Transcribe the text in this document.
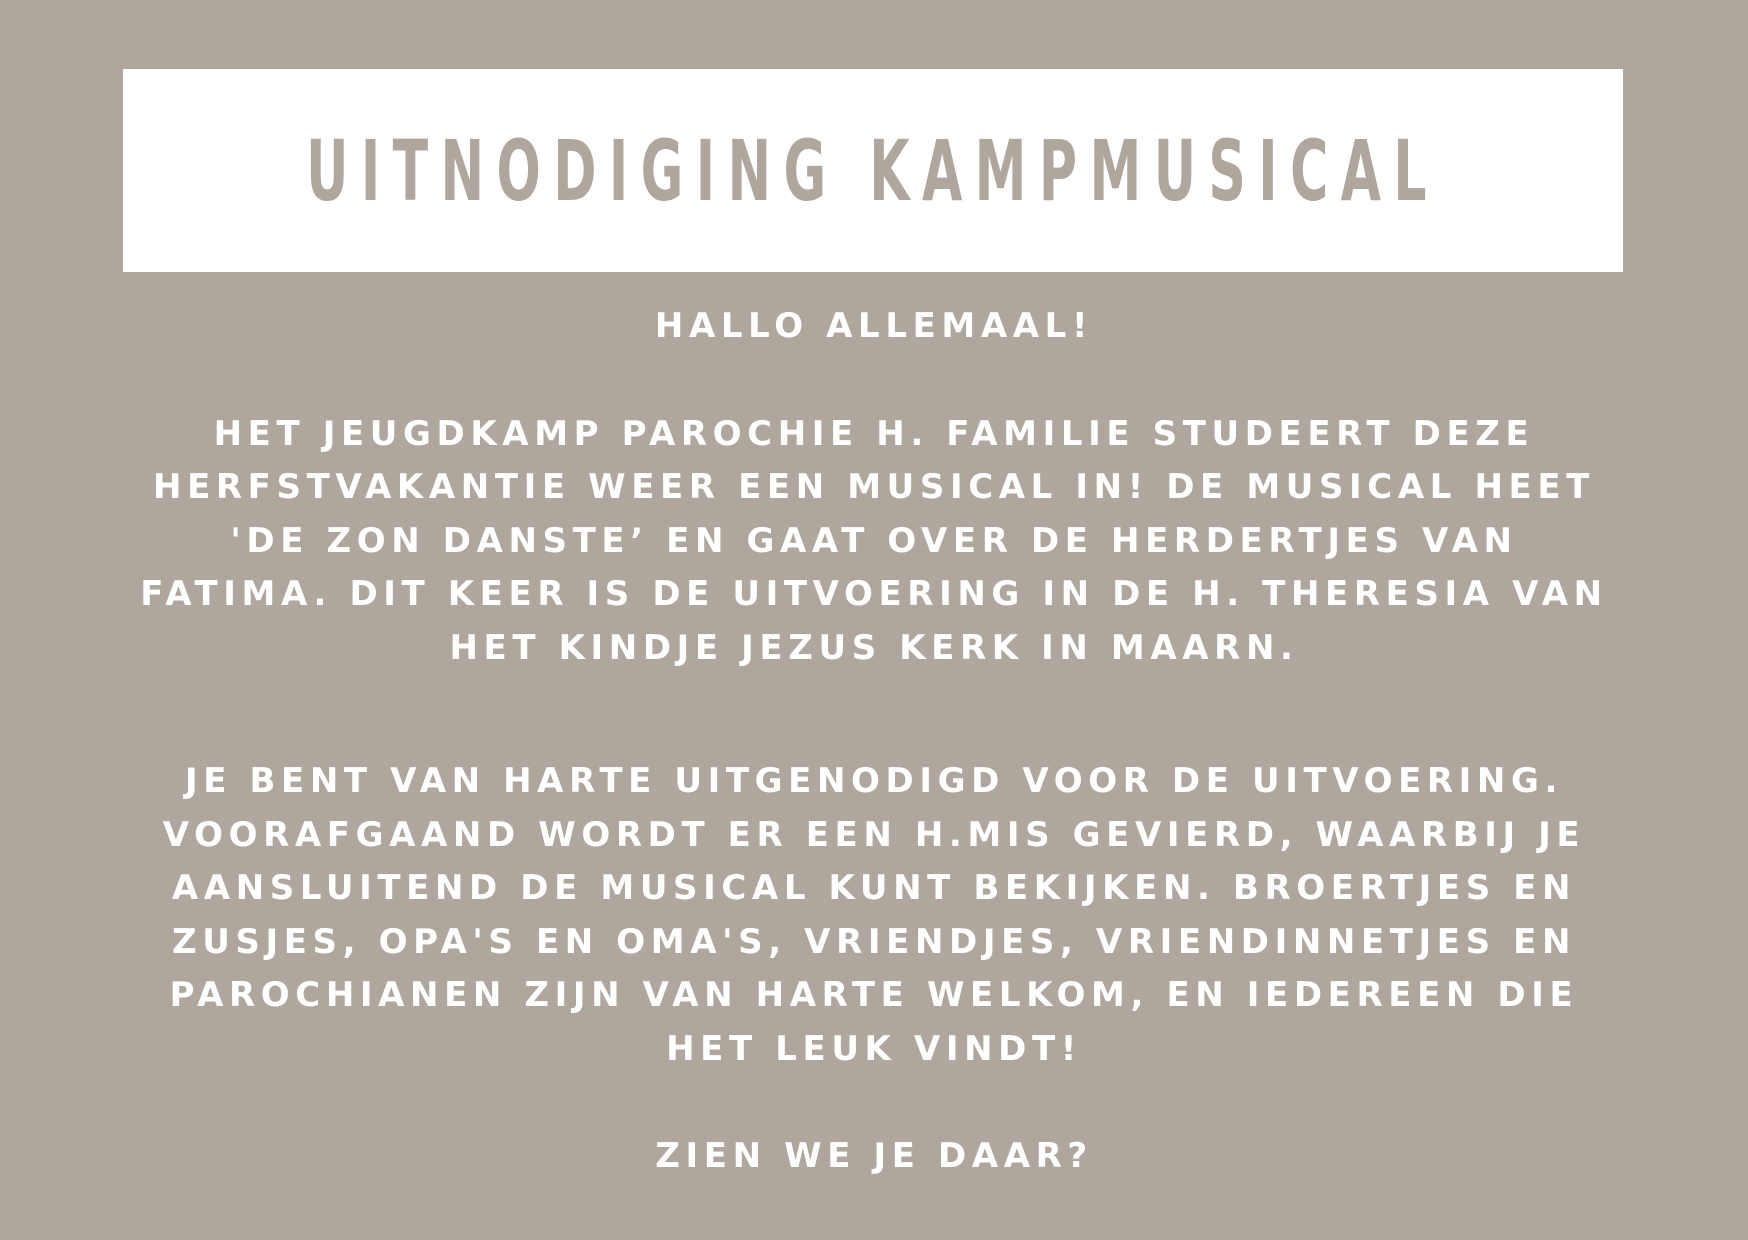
UITNODIGING KAMPMUSICAL

HALLO ALLEMAAL!

HET JEUGDKAMP PAROCHIE H. FAMILIE STUDEERT DEZE HERFSTVAKANTIE WEER EEN MUSICAL IN! DE MUSICAL HEET 'DE ZON DANSTE’ EN GAAT OVER DE HERDERTJES VAN FATIMA. DIT KEER IS DE UITVOERING IN DE H. THERESIA VAN HET KINDJE JEZUS KERK IN MAARN.

JE BENT VAN HARTE UITGENODIGD VOOR DE UITVOERING. VOORAFGAAND WORDT ER EEN H.MIS GEVIERD, WAARBIJ JE AANSLUITEND DE MUSICAL KUNT BEKIJKEN. BROERTJES EN ZUSJES, OPA'S EN OMA'S, VRIENDJES, VRIENDINNETJES EN PAROCHIANEN ZIJN VAN HARTE WELKOM, EN IEDEREEN DIE HET LEUK VINDT!

ZIEN WE JE DAAR?
